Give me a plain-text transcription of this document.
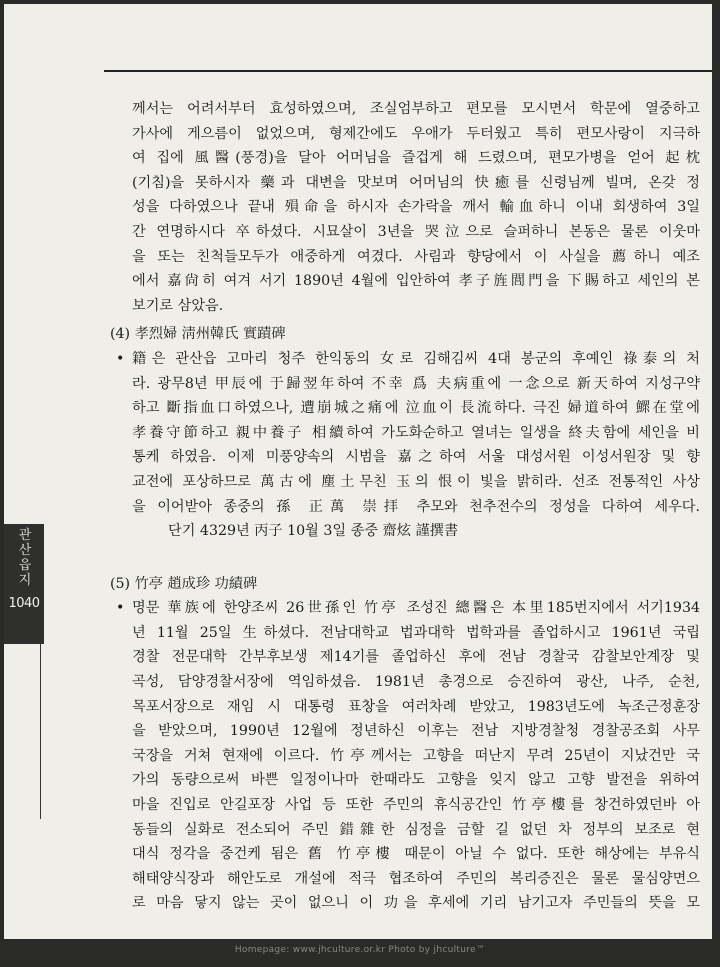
관산읍지
1040
께서는 어려서부터 효성하였으며, 조실엄부하고 편모를 모시면서 학문에 열중하고
가사에 게으름이 없었으며, 형제간에도 우애가 두터웠고 특히 편모사랑이 지극하
여 집에 風醫(풍경)을 달아 어머님을 즐겁게 해 드렸으며, 편모가병을 얻어 起枕
(기침)을 못하시자 藥과 대변을 맛보며 어머님의 快癒를 신령님께 빌며, 온갖 정
성을 다하였으나 끝내 殞命을 하시자 손가락을 깨서 輸血하니 이내 회생하여 3일
간 연명하시다 卒하셨다. 시묘살이 3년을 哭泣으로 슬퍼하니 본동은 물론 이웃마
을 또는 친척들모두가 애중하게 여겼다. 사림과 향당에서 이 사실을 薦하니 예조
에서 嘉尙히 여겨 서기 1890년 4월에 입안하여 孝子旌閭門을 下賜하고 세인의 본
보기로 삼았음.
(4) 孝烈婦 淸州韓氏 實蹟碑
• 籍은 관산읍 고마리 청주 한익동의 女로 김해김씨 4대 봉군의 후예인 祿泰의 처
라. 광무8년 甲辰에 于歸翌年하여 不幸 爲 夫病重에 一念으로 新天하여 지성구약
하고 斷指血口하였으나, 遭崩城之痛에 泣血이 長流하다. 극진 婦道하여 鰥在堂에
孝養守節하고 親中養子 相續하여 가도화순하고 열녀는 일생을 終夫함에 세인을 비
통케 하였음. 이제 미풍양속의 시범을 嘉之하여 서울 대성서원 이성서원장 및 향
교전에 포상하므로 萬古에 塵土무친 玉의 恨이 빛을 밝히라. 선조 전통적인 사상
을 이어받아 종중의 孫 正萬 崇拝 추모와 천추전수의 정성을 다하여 세우다.
단기 4329년 丙子 10월 3일 종중 齋炫 謹撰書
(5) 竹亭 趙成珍 功績碑
• 명문 華族에 한양조씨 26世孫인 竹亭 조성진 總醫은 本里185번지에서 서기1934
년 11월 25일 生하셨다. 전남대학교 법과대학 법학과를 졸업하시고 1961년 국립
경찰 전문대학 간부후보생 제14기를 졸업하신 후에 전남 경찰국 감찰보안계장 및
곡성, 담양경찰서장에 역임하셨음. 1981년 총경으로 승진하여 광산, 나주, 순천,
목포서장으로 재임 시 대통령 표창을 여러차례 받았고, 1983년도에 녹조근정훈장
을 받았으며, 1990년 12월에 정년하신 이후는 전남 지방경찰청 경찰공조회 사무
국장을 거쳐 현재에 이르다. 竹亭께서는 고향을 떠난지 무려 25년이 지났건만 국
가의 동량으로써 바쁜 일정이나마 한때라도 고향을 잊지 않고 고향 발전을 위하여
마을 진입로 안길포장 사업 등 또한 주민의 휴식공간인 竹亭樓를 창건하였던바 아
동들의 실화로 전소되어 주민 錯雜한 심정을 금할 길 없던 차 정부의 보조로 현
대식 정각을 중건케 됨은 舊 竹亭樓 때문이 아닐 수 없다. 또한 해상에는 부유식
해태양식장과 해안도로 개설에 적극 협조하여 주민의 복리증진은 물론 물심양면으
로 마음 닿지 않는 곳이 없으니 이 功을 후세에 기리 남기고자 주민들의 뜻을 모
Homepage: www.jhculture.or.kr Photo by jhculture™
